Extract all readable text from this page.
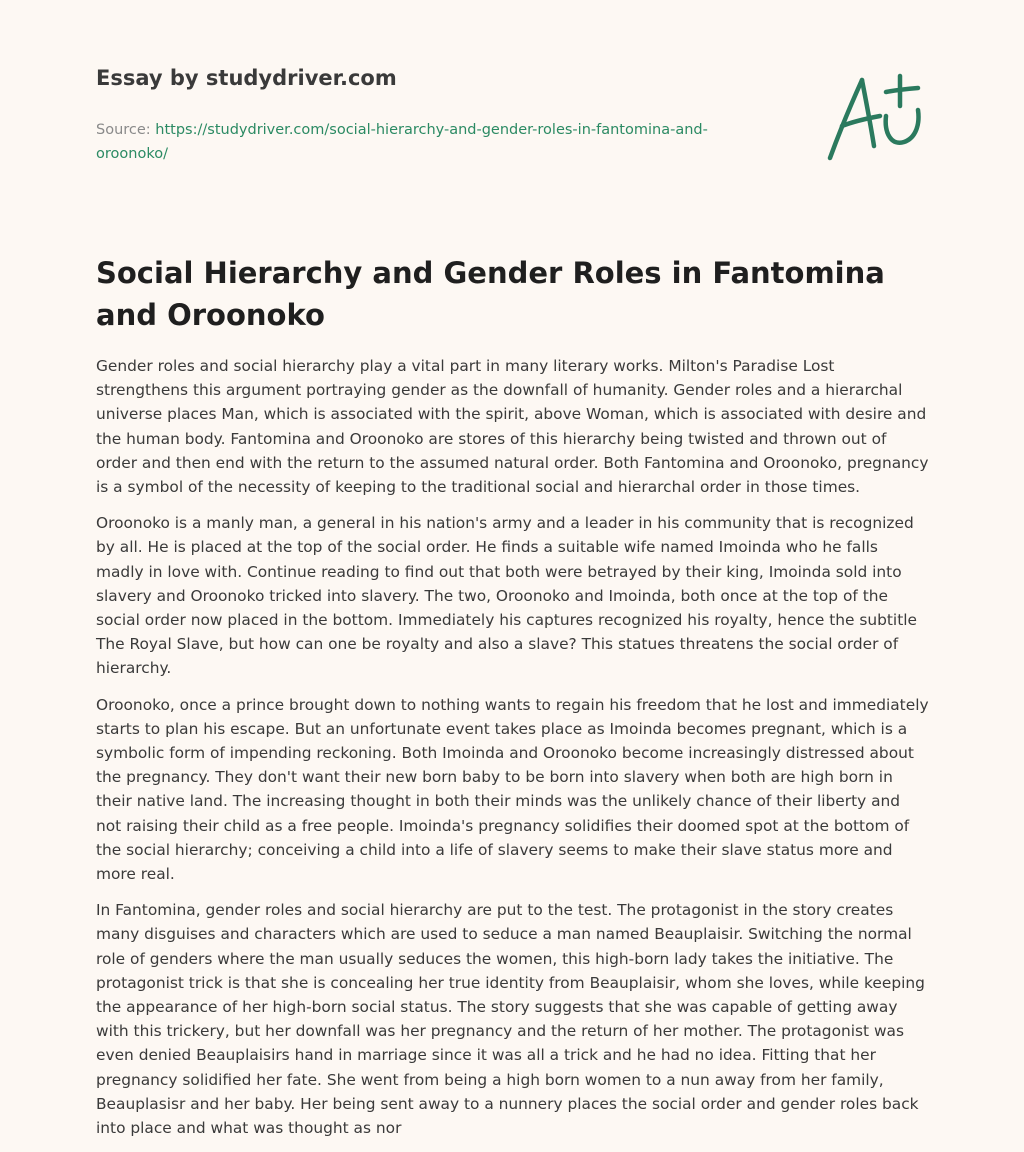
Essay by studydriver.com
Source: https://studydriver.com/social-hierarchy-and-gender-roles-in-fantomina-and-oroonoko/
Social Hierarchy and Gender Roles in Fantomina and Oroonoko

Gender roles and social hierarchy play a vital part in many literary works. Milton's Paradise Lost strengthens this argument portraying gender as the downfall of humanity. Gender roles and a hierarchal universe places Man, which is associated with the spirit, above Woman, which is associated with desire and the human body. Fantomina and Oroonoko are stores of this hierarchy being twisted and thrown out of order and then end with the return to the assumed natural order. Both Fantomina and Oroonoko, pregnancy is a symbol of the necessity of keeping to the traditional social and hierarchal order in those times.

Oroonoko is a manly man, a general in his nation's army and a leader in his community that is recognized by all. He is placed at the top of the social order. He finds a suitable wife named Imoinda who he falls madly in love with. Continue reading to find out that both were betrayed by their king, Imoinda sold into slavery and Oroonoko tricked into slavery. The two, Oroonoko and Imoinda, both once at the top of the social order now placed in the bottom. Immediately his captures recognized his royalty, hence the subtitle The Royal Slave, but how can one be royalty and also a slave? This statues threatens the social order of hierarchy.

Oroonoko, once a prince brought down to nothing wants to regain his freedom that he lost and immediately starts to plan his escape. But an unfortunate event takes place as Imoinda becomes pregnant, which is a symbolic form of impending reckoning. Both Imoinda and Oroonoko become increasingly distressed about the pregnancy. They don't want their new born baby to be born into slavery when both are high born in their native land. The increasing thought in both their minds was the unlikely chance of their liberty and not raising their child as a free people. Imoinda's pregnancy solidifies their doomed spot at the bottom of the social hierarchy; conceiving a child into a life of slavery seems to make their slave status more and more real.

In Fantomina, gender roles and social hierarchy are put to the test. The protagonist in the story creates many disguises and characters which are used to seduce a man named Beauplaisir. Switching the normal role of genders where the man usually seduces the women, this high-born lady takes the initiative. The protagonist trick is that she is concealing her true identity from Beauplaisir, whom she loves, while keeping the appearance of her high-born social status. The story suggests that she was capable of getting away with this trickery, but her downfall was her pregnancy and the return of her mother. The protagonist was even denied Beauplaisirs hand in marriage since it was all a trick and he had no idea. Fitting that her pregnancy solidified her fate. She went from being a high born women to a nun away from her family, Beauplasisr and her baby. Her being sent away to a nunnery places the social order and gender roles back into place and what was thought as nor
